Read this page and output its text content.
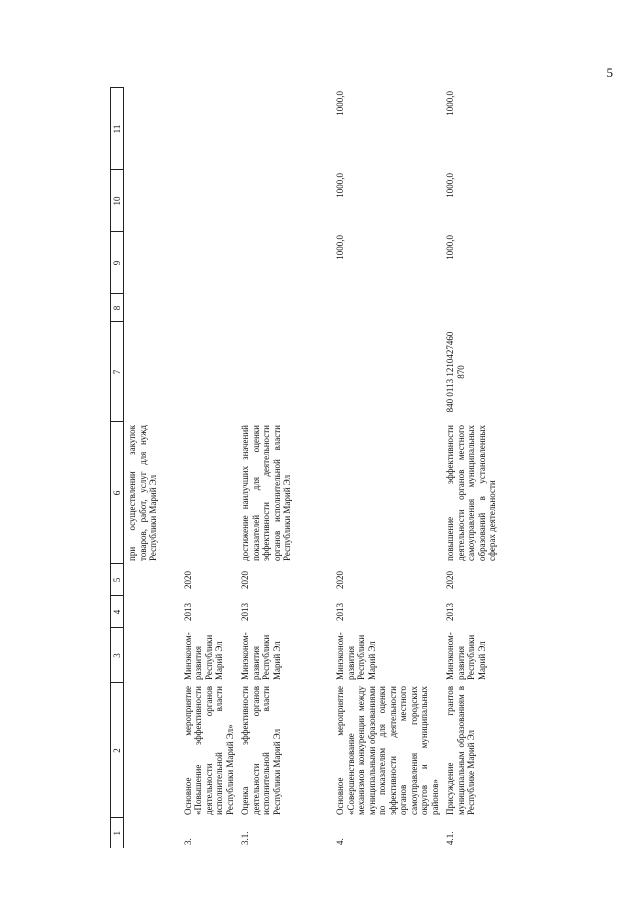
5
1	2	3	4	5	6	7	8	9	10	11
					при осуществлении закупок товаров, работ, услуг для нужд Республики Марий Эл					
3.	Основное мероприятие «Повышение эффективности деятельности органов исполнительной власти Республики Марий Эл»	Минэконом-развития Республики Марий Эл	2013	2020						
3.1.	Оценка эффективности деятельности органов исполнительной власти Республики Марий Эл	Минэконом-развития Республики Марий Эл	2013	2020	достижение наилучших значений показателей для оценки эффективности деятельности органов исполнительной власти Республики Марий Эл					
4.	Основное мероприятие «Совершенствование механизмов конкуренции между муниципальными образованиями по показателям для оценки эффективности деятельности органов местного самоуправления городских округов и муниципальных районов»	Минэконом-развития Республики Марий Эл	2013	2020				1000,0	1000,0	1000,0
4.1.	Присуждение грантов муниципальным образованиям в Республике Марий Эл	Минэконом-развития Республики Марий Эл	2013	2020	повышение эффективности деятельности органов местного самоуправления муниципальных образований в установленных сферах деятельности	840 0113 1210427460 870		1000,0	1000,0	1000,0
